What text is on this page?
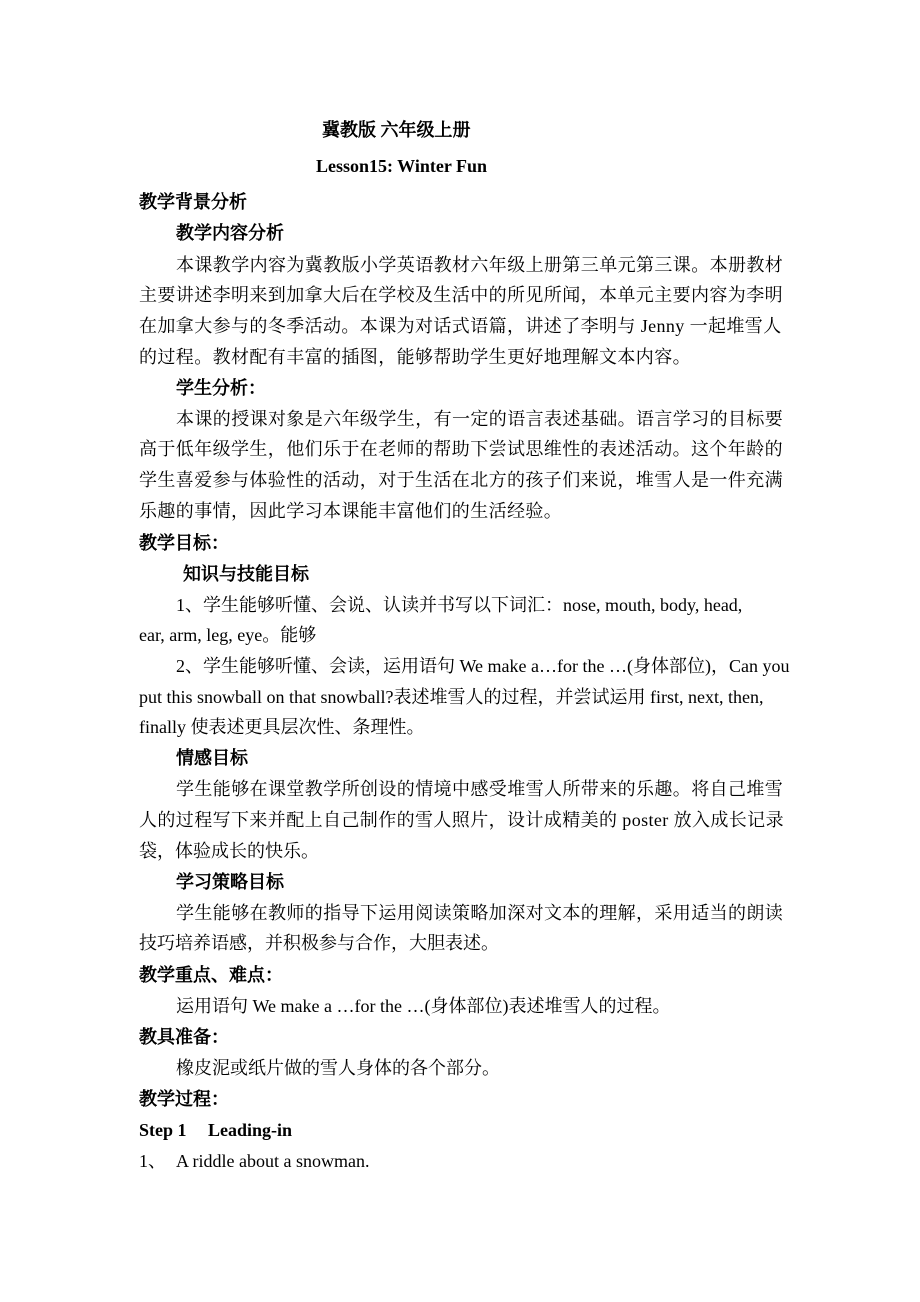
冀教版 六年级上册
Lesson15: Winter Fun
教学背景分析
教学内容分析
本课教学内容为冀教版小学英语教材六年级上册第三单元第三课。本册教材
主要讲述李明来到加拿大后在学校及生活中的所见所闻，本单元主要内容为李明
在加拿大参与的冬季活动。本课为对话式语篇，讲述了李明与 Jenny 一起堆雪人
的过程。教材配有丰富的插图，能够帮助学生更好地理解文本内容。
学生分析：
本课的授课对象是六年级学生，有一定的语言表述基础。语言学习的目标要
高于低年级学生，他们乐于在老师的帮助下尝试思维性的表述活动。这个年龄的
学生喜爱参与体验性的活动，对于生活在北方的孩子们来说，堆雪人是一件充满
乐趣的事情，因此学习本课能丰富他们的生活经验。
教学目标：
知识与技能目标
1、学生能够听懂、会说、认读并书写以下词汇：nose, mouth, body, head,
ear, arm, leg, eye。能够
2、学生能够听懂、会读，运用语句 We make a…for the …(身体部位)，Can you
put this snowball on that snowball?表述堆雪人的过程，并尝试运用 first, next, then,
finally 使表述更具层次性、条理性。
情感目标
学生能够在课堂教学所创设的情境中感受堆雪人所带来的乐趣。将自己堆雪
人的过程写下来并配上自己制作的雪人照片，设计成精美的 poster 放入成长记录
袋，体验成长的快乐。
学习策略目标
学生能够在教师的指导下运用阅读策略加深对文本的理解，采用适当的朗读
技巧培养语感，并积极参与合作，大胆表述。
教学重点、难点：
运用语句 We make a …for the …(身体部位)表述堆雪人的过程。
教具准备：
橡皮泥或纸片做的雪人身体的各个部分。
教学过程：
Step 1 Leading-in
1、 A riddle about a snowman.
